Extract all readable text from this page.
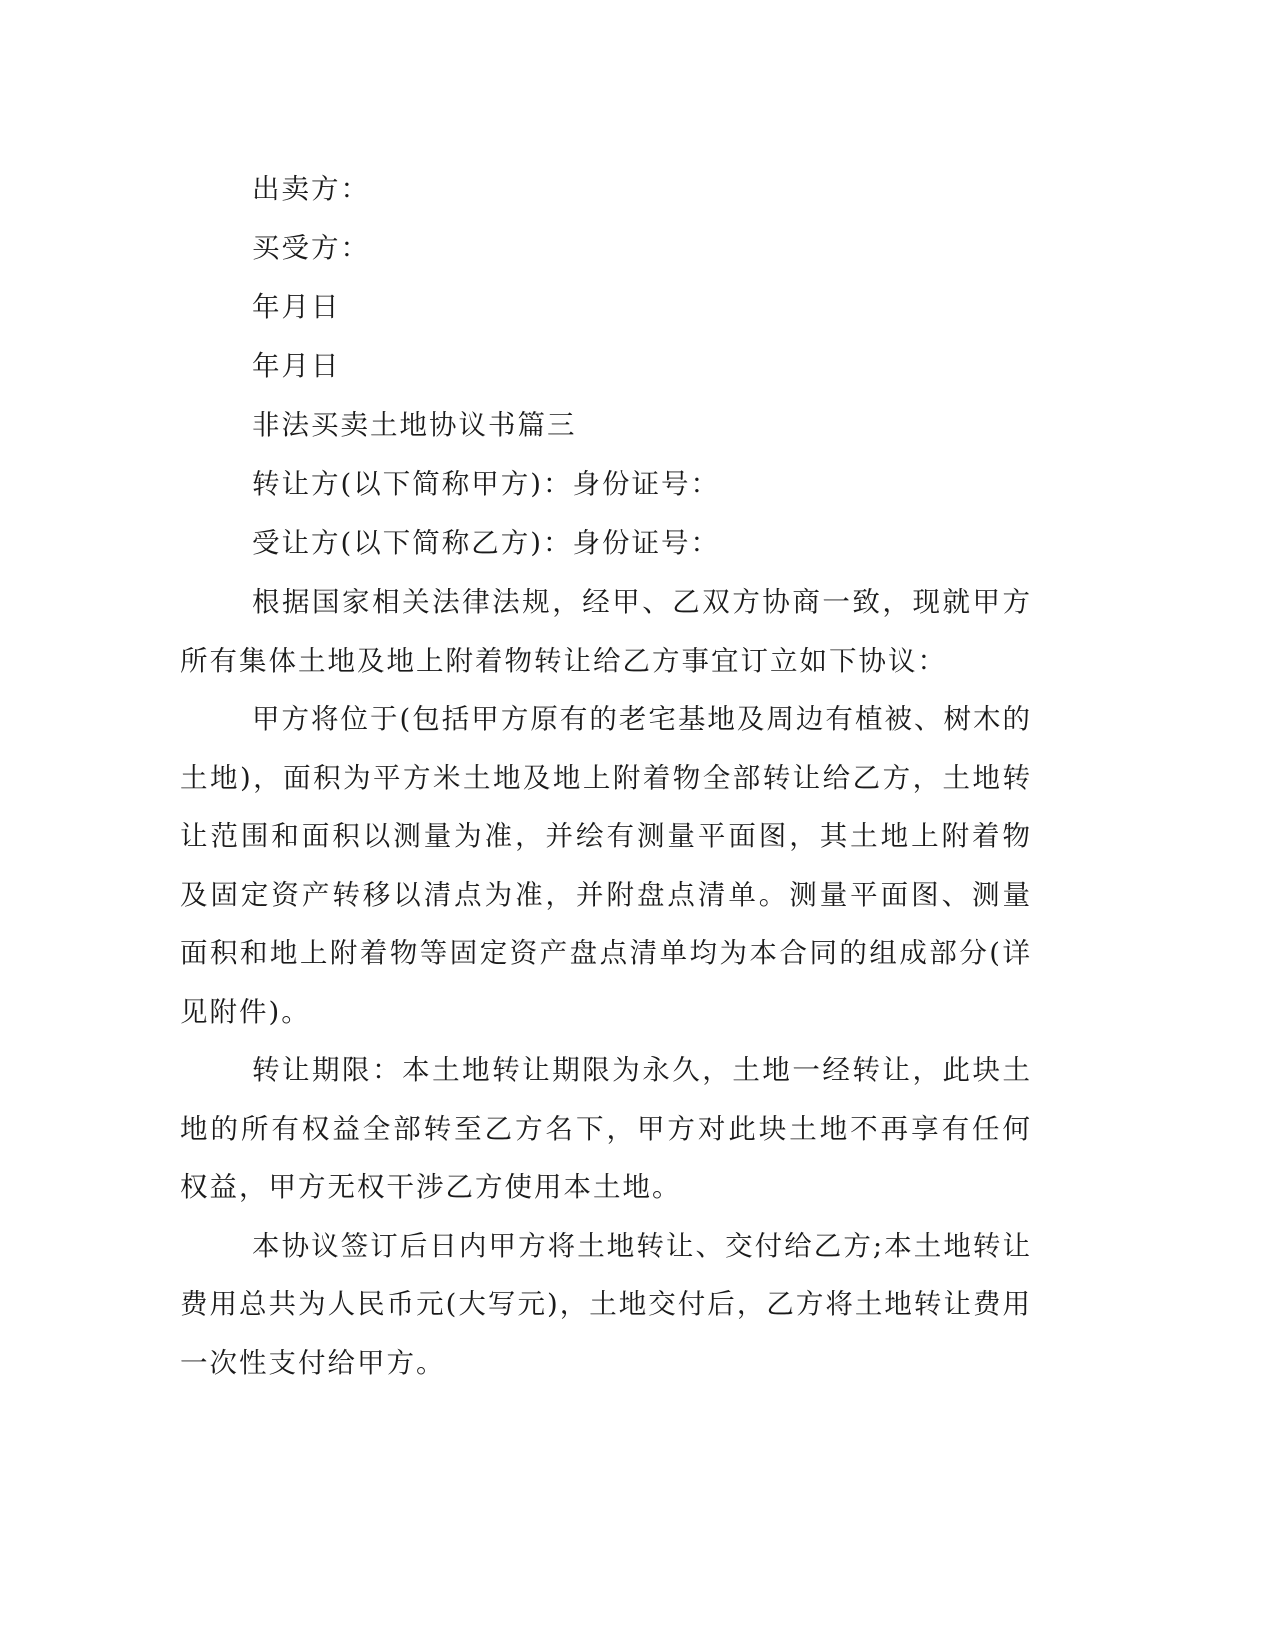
出卖方：
买受方：
年月日
年月日
非法买卖土地协议书篇三
转让方(以下简称甲方)：身份证号：
受让方(以下简称乙方)：身份证号：

根据国家相关法律法规，经甲、乙双方协商一致，现就甲方所有集体土地及地上附着物转让给乙方事宜订立如下协议：

甲方将位于(包括甲方原有的老宅基地及周边有植被、树木的土地)，面积为平方米土地及地上附着物全部转让给乙方，土地转让范围和面积以测量为准，并绘有测量平面图，其土地上附着物及固定资产转移以清点为准，并附盘点清单。测量平面图、测量面积和地上附着物等固定资产盘点清单均为本合同的组成部分(详见附件)。

转让期限：本土地转让期限为永久，土地一经转让，此块土地的所有权益全部转至乙方名下，甲方对此块土地不再享有任何权益，甲方无权干涉乙方使用本土地。

本协议签订后日内甲方将土地转让、交付给乙方;本土地转让费用总共为人民币元(大写元)，土地交付后，乙方将土地转让费用一次性支付给甲方。
